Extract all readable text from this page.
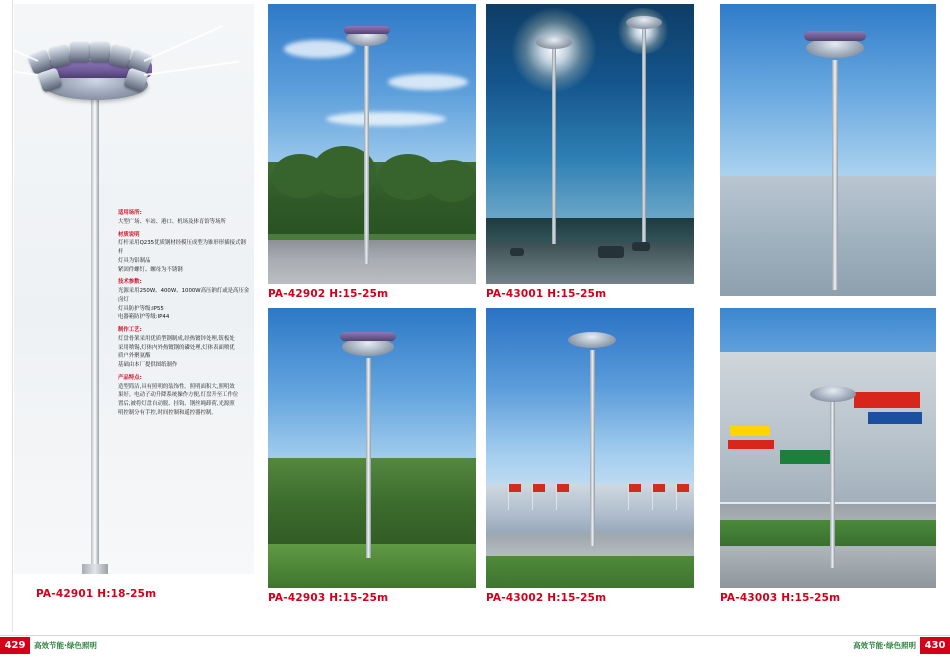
适用场所:

大型广场、车站、港口、机场及体育馆等场所

材质说明

灯杆采用Q235优质钢材经模压成型为锥形形插接式钢杆

灯具为铝制品

紧固件螺钉、螺母为不锈钢

技术参数:

光源采用250W、400W、1000W高压钠灯或是高压金卤灯

灯具防护等级:IP55

电器箱防护等级:IP44

制作工艺:

灯盘骨架采用优质型钢制成,经热镀锌处理,钣板处

采用喷锡,灯体内外热镀钢的磷处理,灯体表面喷优

质户外聚氨酯

基础由本厂提供图纸制作

产品特点:

造型简洁,具有照明的装饰性。照明面积大,照明效

果好。电动子动升降系统操作方便,灯盘升至工作位

置后,被将灯盘自动脱、挂钩、钢丝绳卸荷,光源照

明控制分有手控,时间控制和遥控器控制。

PA-42901 H:18-25m
PA-42902 H:15-25m	PA-43001 H:15-25m
PA-42903 H:15-25m	PA-43002 H:15-25m	PA-43003 H:15-25m
429	高效节能·绿色照明	430
高效节能·绿色照明
